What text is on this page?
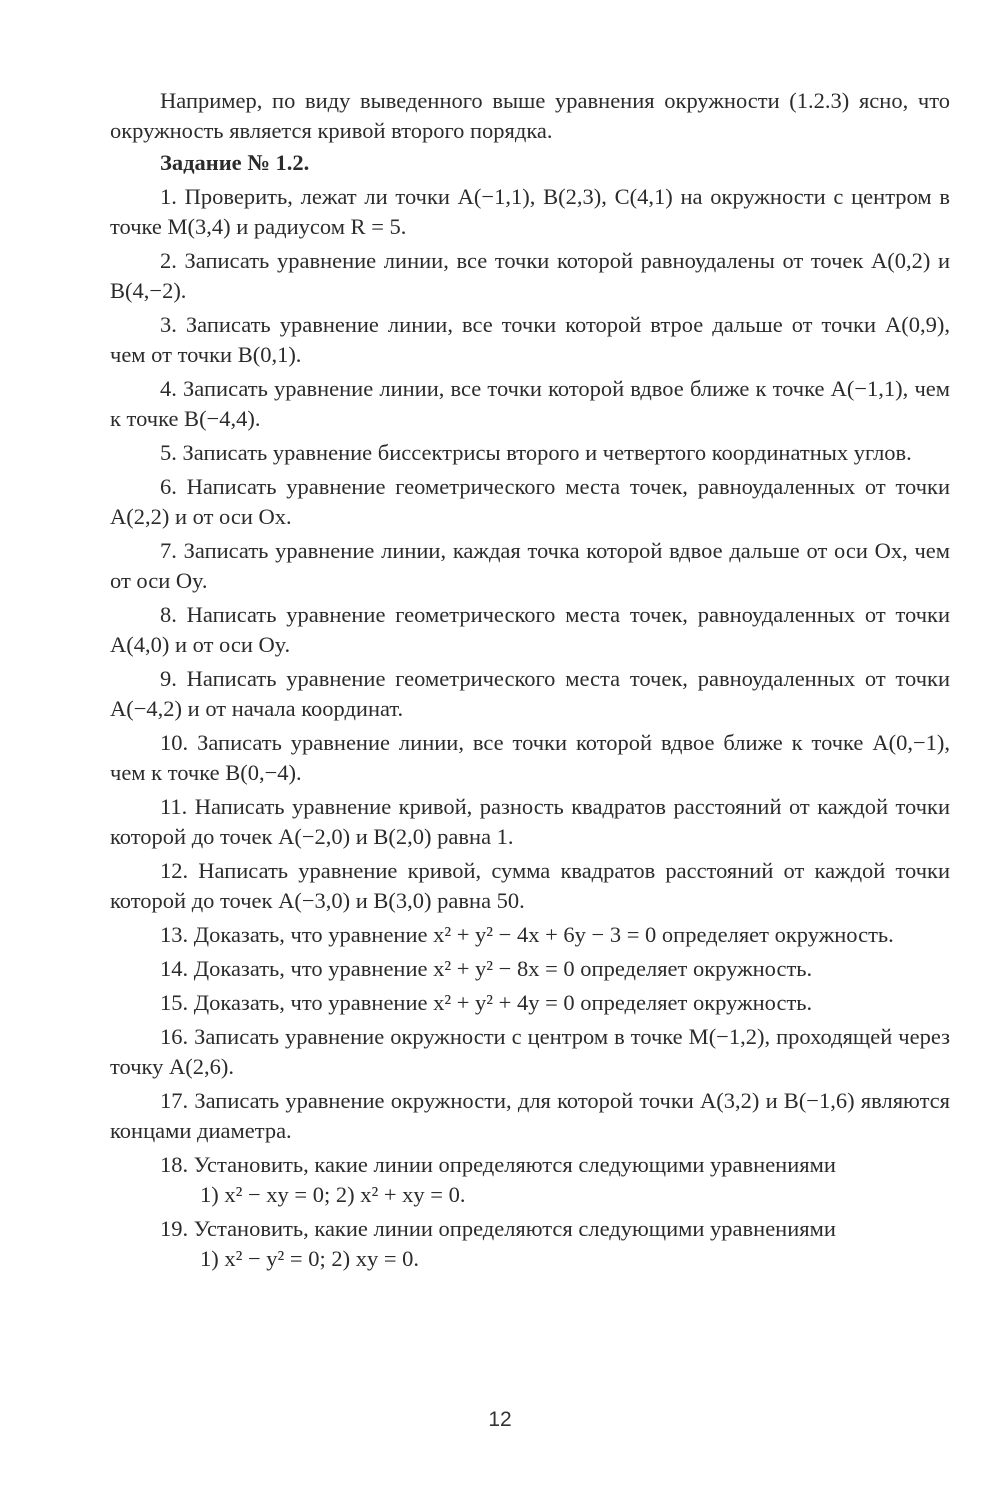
Например, по виду выведенного выше уравнения окружности (1.2.3) ясно, что окружность является кривой второго порядка.

Задание № 1.2.

1. Проверить, лежат ли точки A(−1,1), B(2,3), C(4,1) на окружности с центром в точке M(3,4) и радиусом R = 5.

2. Записать уравнение линии, все точки которой равноудалены от точек A(0,2) и B(4,−2).

3. Записать уравнение линии, все точки которой втрое дальше от точки A(0,9), чем от точки B(0,1).

4. Записать уравнение линии, все точки которой вдвое ближе к точке A(−1,1), чем к точке B(−4,4).

5. Записать уравнение биссектрисы второго и четвертого координатных углов.

6. Написать уравнение геометрического места точек, равноудаленных от точки A(2,2) и от оси Ox.

7. Записать уравнение линии, каждая точка которой вдвое дальше от оси Ox, чем от оси Oy.

8. Написать уравнение геометрического места точек, равноудаленных от точки A(4,0) и от оси Oy.

9. Написать уравнение геометрического места точек, равноудаленных от точки A(−4,2) и от начала координат.

10. Записать уравнение линии, все точки которой вдвое ближе к точке A(0,−1), чем к точке B(0,−4).

11. Написать уравнение кривой, разность квадратов расстояний от каждой точки которой до точек A(−2,0) и B(2,0) равна 1.

12. Написать уравнение кривой, сумма квадратов расстояний от каждой точки которой до точек A(−3,0) и B(3,0) равна 50.

13. Доказать, что уравнение x² + y² − 4x + 6y − 3 = 0 определяет окружность.

14. Доказать, что уравнение x² + y² − 8x = 0 определяет окружность.

15. Доказать, что уравнение x² + y² + 4y = 0 определяет окружность.

16. Записать уравнение окружности с центром в точке M(−1,2), проходящей через точку A(2,6).

17. Записать уравнение окружности, для которой точки A(3,2) и B(−1,6) являются концами диаметра.

18. Установить, какие линии определяются следующими уравнениями
1) x² − xy = 0; 2) x² + xy = 0.

19. Установить, какие линии определяются следующими уравнениями
1) x² − y² = 0; 2) xy = 0.

12
